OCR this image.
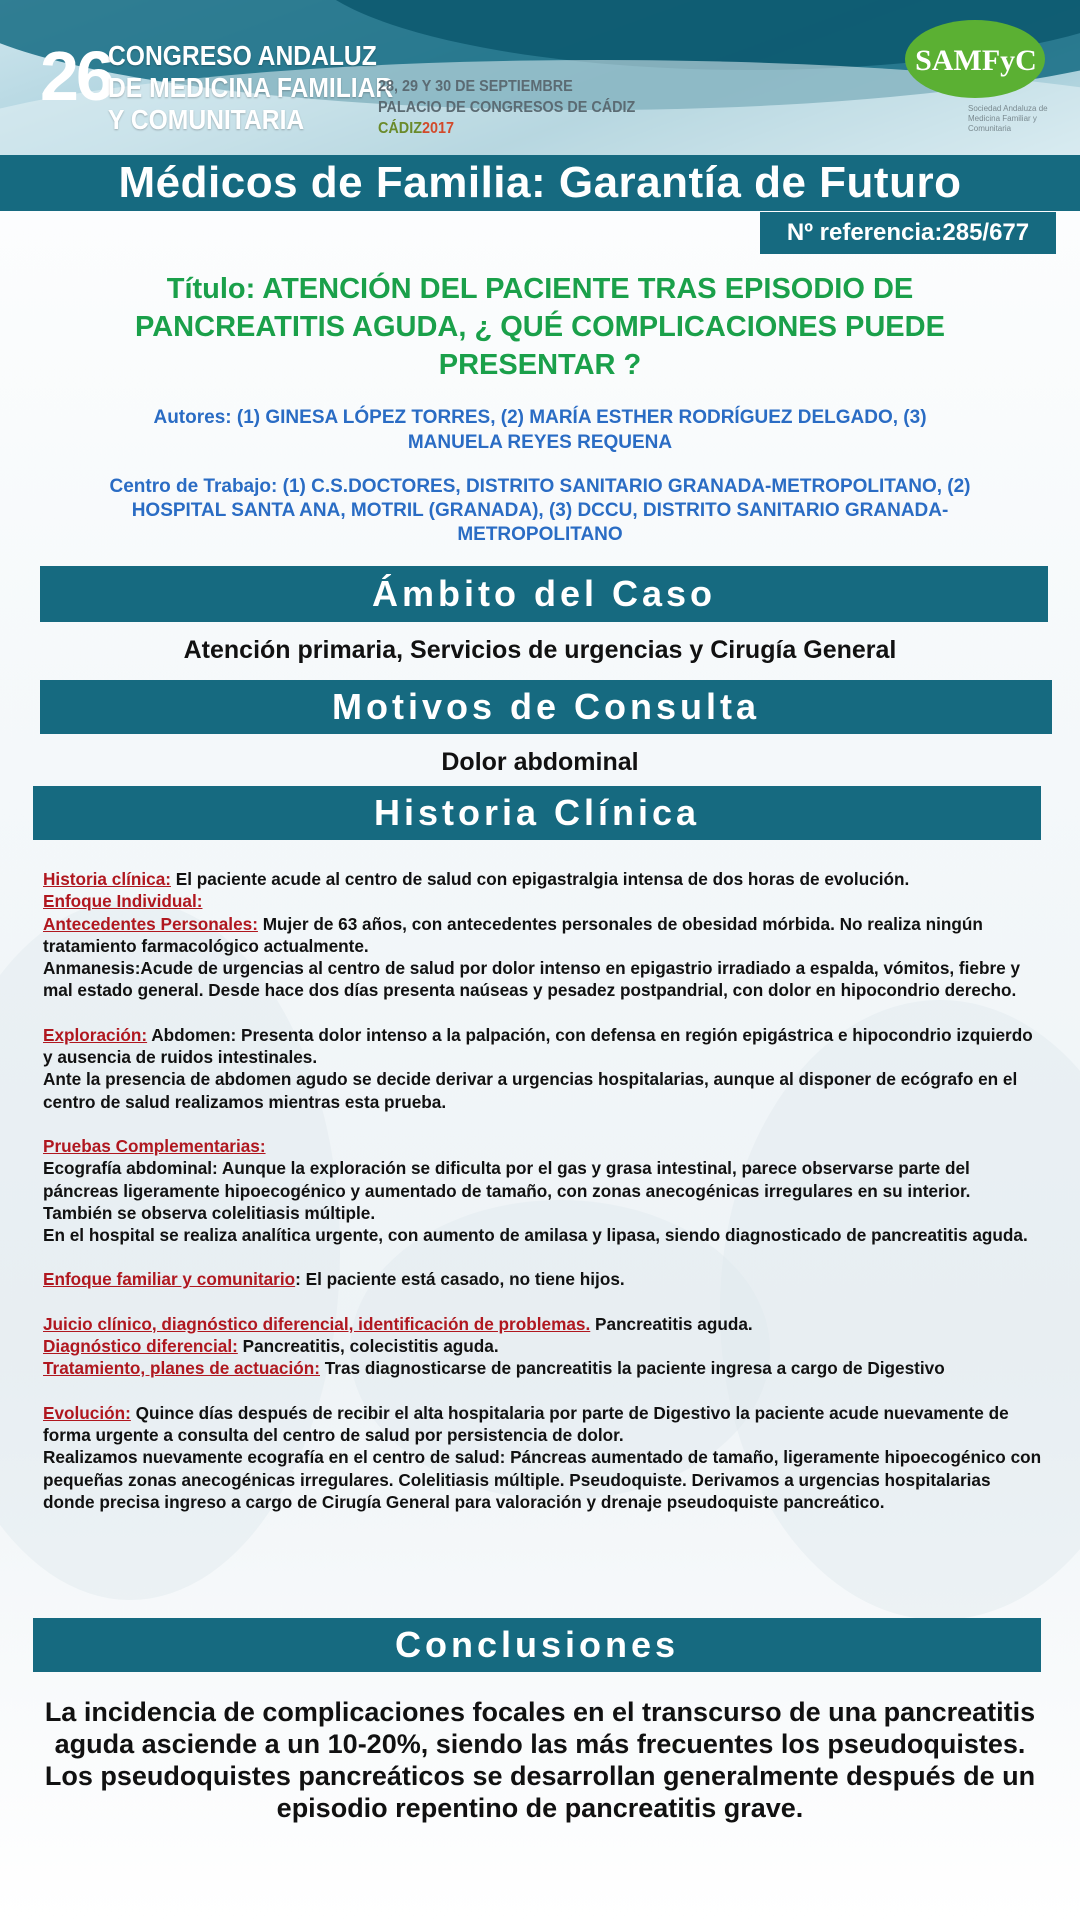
26
CONGRESO ANDALUZ
DE MEDICINA FAMILIAR
Y COMUNITARIA
28, 29 Y 30 DE SEPTIEMBRE
PALACIO DE CONGRESOS DE CÁDIZ
CÁDIZ2017
SAMFyC
Sociedad Andaluza de Medicina Familiar y Comunitaria
Médicos de Familia: Garantía de Futuro
Nº referencia:285/677
Título: ATENCIÓN DEL PACIENTE TRAS EPISODIO DE PANCREATITIS AGUDA, ¿ QUÉ COMPLICACIONES PUEDE PRESENTAR ?
Autores: (1) GINESA LÓPEZ TORRES, (2) MARÍA ESTHER RODRÍGUEZ DELGADO, (3) MANUELA REYES REQUENA
Centro de Trabajo: (1) C.S.DOCTORES, DISTRITO SANITARIO GRANADA-METROPOLITANO, (2) HOSPITAL SANTA ANA, MOTRIL (GRANADA), (3) DCCU, DISTRITO SANITARIO GRANADA-METROPOLITANO
Ámbito del Caso
Atención primaria, Servicios de urgencias y Cirugía General
Motivos de Consulta
Dolor abdominal
Historia Clínica

Historia clínica: El paciente acude al centro de salud con epigastralgia intensa de dos horas de evolución.

Enfoque Individual:

Antecedentes Personales: Mujer de 63 años, con antecedentes personales de obesidad mórbida. No realiza ningún tratamiento farmacológico actualmente.

Anmanesis:Acude de urgencias al centro de salud por dolor intenso en epigastrio irradiado a espalda, vómitos, fiebre y mal estado general. Desde hace dos días presenta naúseas y pesadez postpandrial, con dolor en hipocondrio derecho.

Exploración: Abdomen: Presenta dolor intenso a la palpación, con defensa en región epigástrica e hipocondrio izquierdo y ausencia de ruidos intestinales.

Ante la presencia de abdomen agudo se decide derivar a urgencias hospitalarias, aunque al disponer de ecógrafo en el centro de salud realizamos mientras esta prueba.

Pruebas Complementarias:

Ecografía abdominal: Aunque la exploración se dificulta por el gas y grasa intestinal, parece observarse parte del páncreas ligeramente hipoecogénico y aumentado de tamaño, con zonas anecogénicas irregulares en su interior. También se observa colelitiasis múltiple.

En el hospital se realiza analítica urgente, con aumento de amilasa y lipasa, siendo diagnosticado de pancreatitis aguda.

Enfoque familiar y comunitario: El paciente está casado, no tiene hijos.

Juicio clínico, diagnóstico diferencial, identificación de problemas. Pancreatitis aguda.

Diagnóstico diferencial: Pancreatitis, colecistitis aguda.

Tratamiento, planes de actuación: Tras diagnosticarse de pancreatitis la paciente ingresa a cargo de Digestivo

Evolución: Quince días después de recibir el alta hospitalaria por parte de Digestivo la paciente acude nuevamente de forma urgente a consulta del centro de salud por persistencia de dolor.

Realizamos nuevamente ecografía en el centro de salud: Páncreas aumentado de tamaño, ligeramente hipoecogénico con pequeñas zonas anecogénicas irregulares. Colelitiasis múltiple. Pseudoquiste. Derivamos a urgencias hospitalarias donde precisa ingreso a cargo de Cirugía General para valoración y drenaje pseudoquiste pancreático.

Conclusiones
La incidencia de complicaciones focales en el transcurso de una pancreatitis aguda asciende a un 10-20%, siendo las más frecuentes los pseudoquistes. Los pseudoquistes pancreáticos se desarrollan generalmente después de un episodio repentino de pancreatitis grave.
